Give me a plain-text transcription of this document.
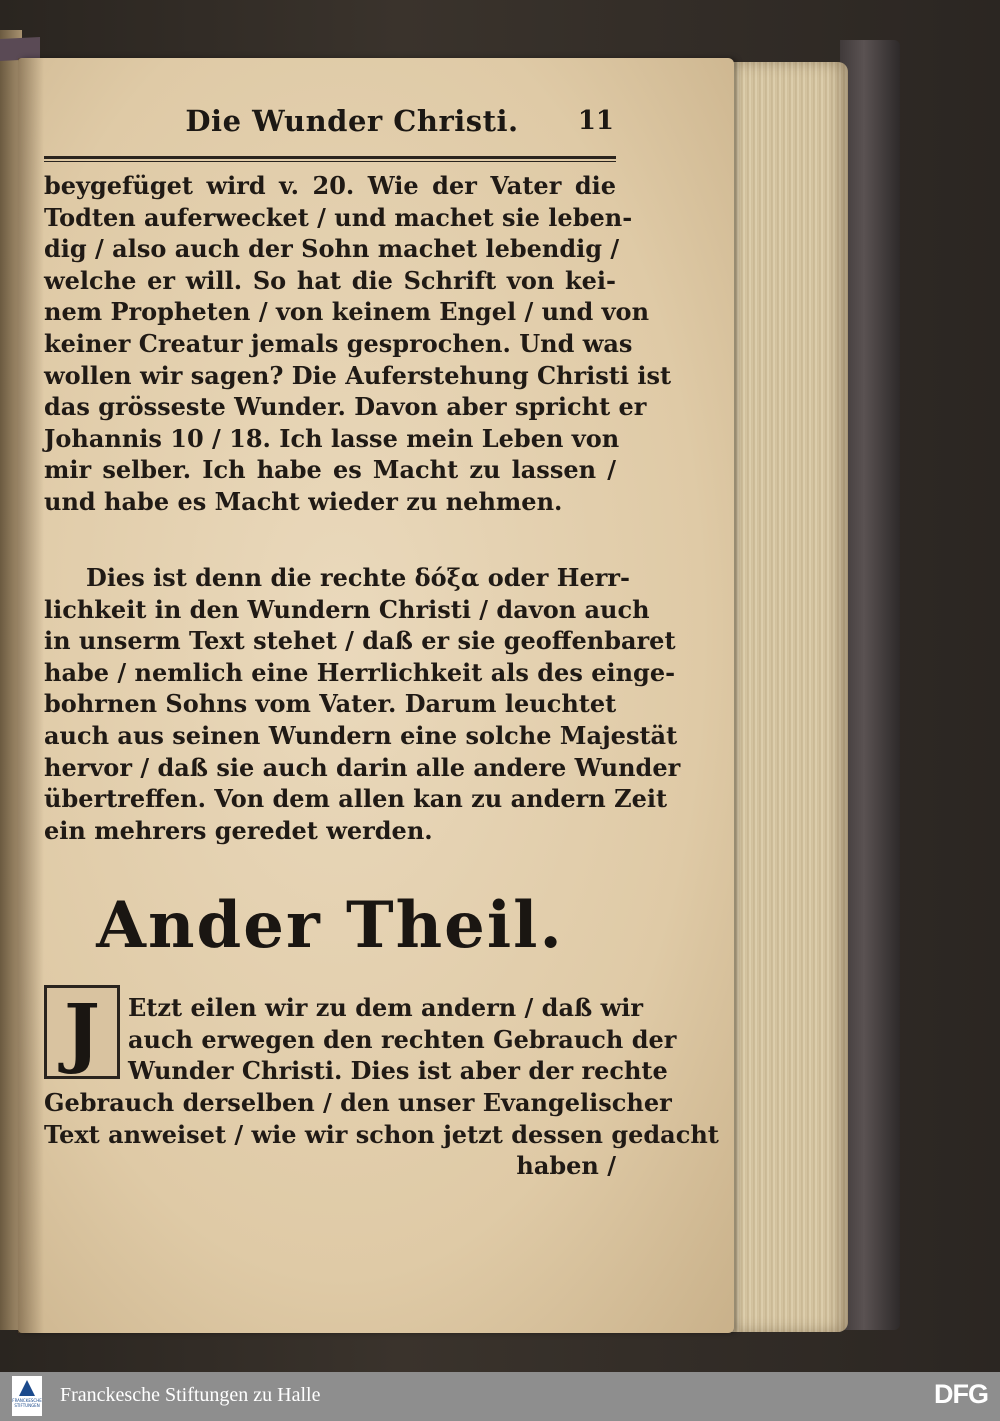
Die Wunder Christi.	11
beygefüget wird v. 20. Wie der Vater die
Todten auferwecket / und machet sie leben-
dig / also auch der Sohn machet lebendig /
welche er will. So hat die Schrift von kei-
nem Propheten / von keinem Engel / und von
keiner Creatur jemals gesprochen. Und was
wollen wir sagen? Die Auferstehung Christi ist
das grösseste Wunder. Davon aber spricht er
Johannis 10 / 18. Ich lasse mein Leben von
mir selber. Ich habe es Macht zu lassen /
und habe es Macht wieder zu nehmen.
Dies ist denn die rechte δόξα oder Herr-
lichkeit in den Wundern Christi / davon auch
in unserm Text stehet / daß er sie geoffenbaret
habe / nemlich eine Herrlichkeit als des einge-
bohrnen Sohns vom Vater. Darum leuchtet
auch aus seinen Wundern eine solche Majestät
hervor / daß sie auch darin alle andere Wunder
übertreffen. Von dem allen kan zu andern Zeit
ein mehrers geredet werden.
Ander Theil.
J	Etzt eilen wir zu dem andern / daß wir
auch erwegen den rechten Gebrauch der
Wunder Christi. Dies ist aber der rechte
Gebrauch derselben / den unser Evangelischer
Text anweiset / wie wir schon jetzt dessen gedacht
haben /
FRANCKESCHE STIFTUNGEN Franckesche Stiftungen zu Halle	DFG
